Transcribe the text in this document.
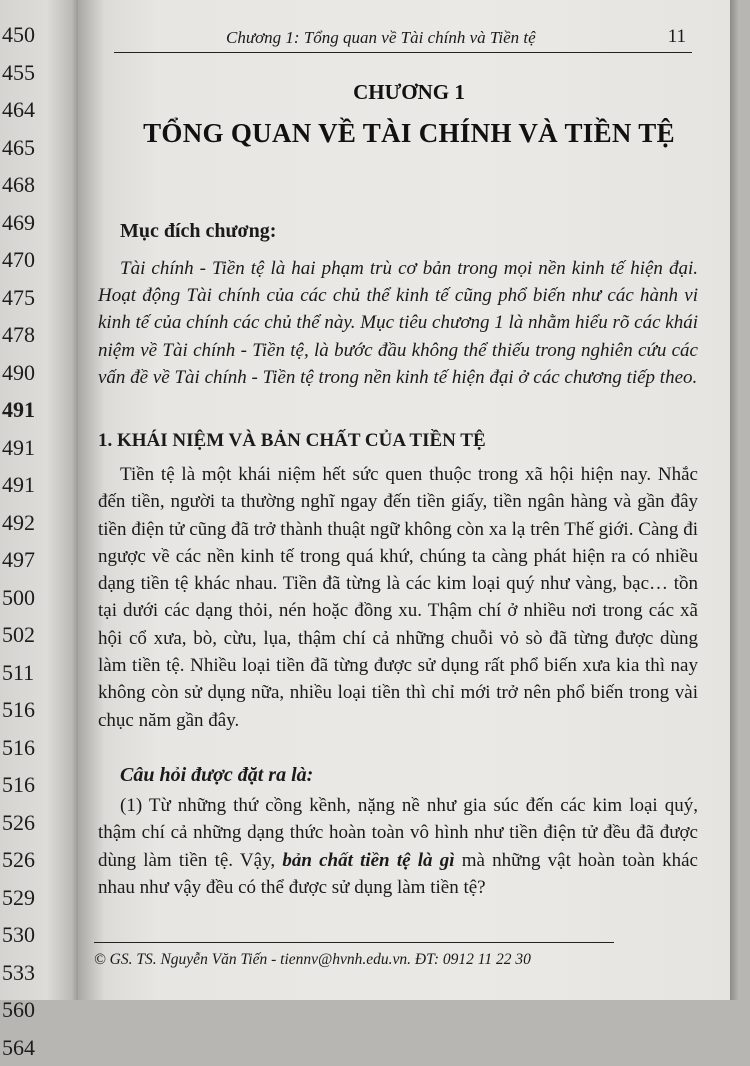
450
455
464
465
468
469
470
475
478
490
491
491
491
492
497
500
502
511
516
516
516
526
526
529
530
533
560
564
Chương 1: Tổng quan về Tài chính và Tiền tệ	11
CHƯƠNG 1
TỔNG QUAN VỀ TÀI CHÍNH VÀ TIỀN TỆ
Mục đích chương:
Tài chính - Tiền tệ là hai phạm trù cơ bản trong mọi nền kinh tế hiện đại. Hoạt động Tài chính của các chủ thể kinh tế cũng phổ biến như các hành vi kinh tế của chính các chủ thể này. Mục tiêu chương 1 là nhằm hiểu rõ các khái niệm về Tài chính - Tiền tệ, là bước đầu không thể thiếu trong nghiên cứu các vấn đề về Tài chính - Tiền tệ trong nền kinh tế hiện đại ở các chương tiếp theo.
1. KHÁI NIỆM VÀ BẢN CHẤT CỦA TIỀN TỆ
Tiền tệ là một khái niệm hết sức quen thuộc trong xã hội hiện nay. Nhắc đến tiền, người ta thường nghĩ ngay đến tiền giấy, tiền ngân hàng và gần đây tiền điện tử cũng đã trở thành thuật ngữ không còn xa lạ trên Thế giới. Càng đi ngược về các nền kinh tế trong quá khứ, chúng ta càng phát hiện ra có nhiều dạng tiền tệ khác nhau. Tiền đã từng là các kim loại quý như vàng, bạc… tồn tại dưới các dạng thỏi, nén hoặc đồng xu. Thậm chí ở nhiều nơi trong các xã hội cổ xưa, bò, cừu, lụa, thậm chí cả những chuỗi vỏ sò đã từng được dùng làm tiền tệ. Nhiều loại tiền đã từng được sử dụng rất phổ biến xưa kia thì nay không còn sử dụng nữa, nhiều loại tiền thì chỉ mới trở nên phổ biến trong vài chục năm gần đây.
Câu hỏi được đặt ra là:
(1) Từ những thứ cồng kềnh, nặng nề như gia súc đến các kim loại quý, thậm chí cả những dạng thức hoàn toàn vô hình như tiền điện tử đều đã được dùng làm tiền tệ. Vậy, bản chất tiền tệ là gì mà những vật hoàn toàn khác nhau như vậy đều có thể được sử dụng làm tiền tệ?
© GS. TS. Nguyễn Văn Tiến - tiennv@hvnh.edu.vn. ĐT: 0912 11 22 30
